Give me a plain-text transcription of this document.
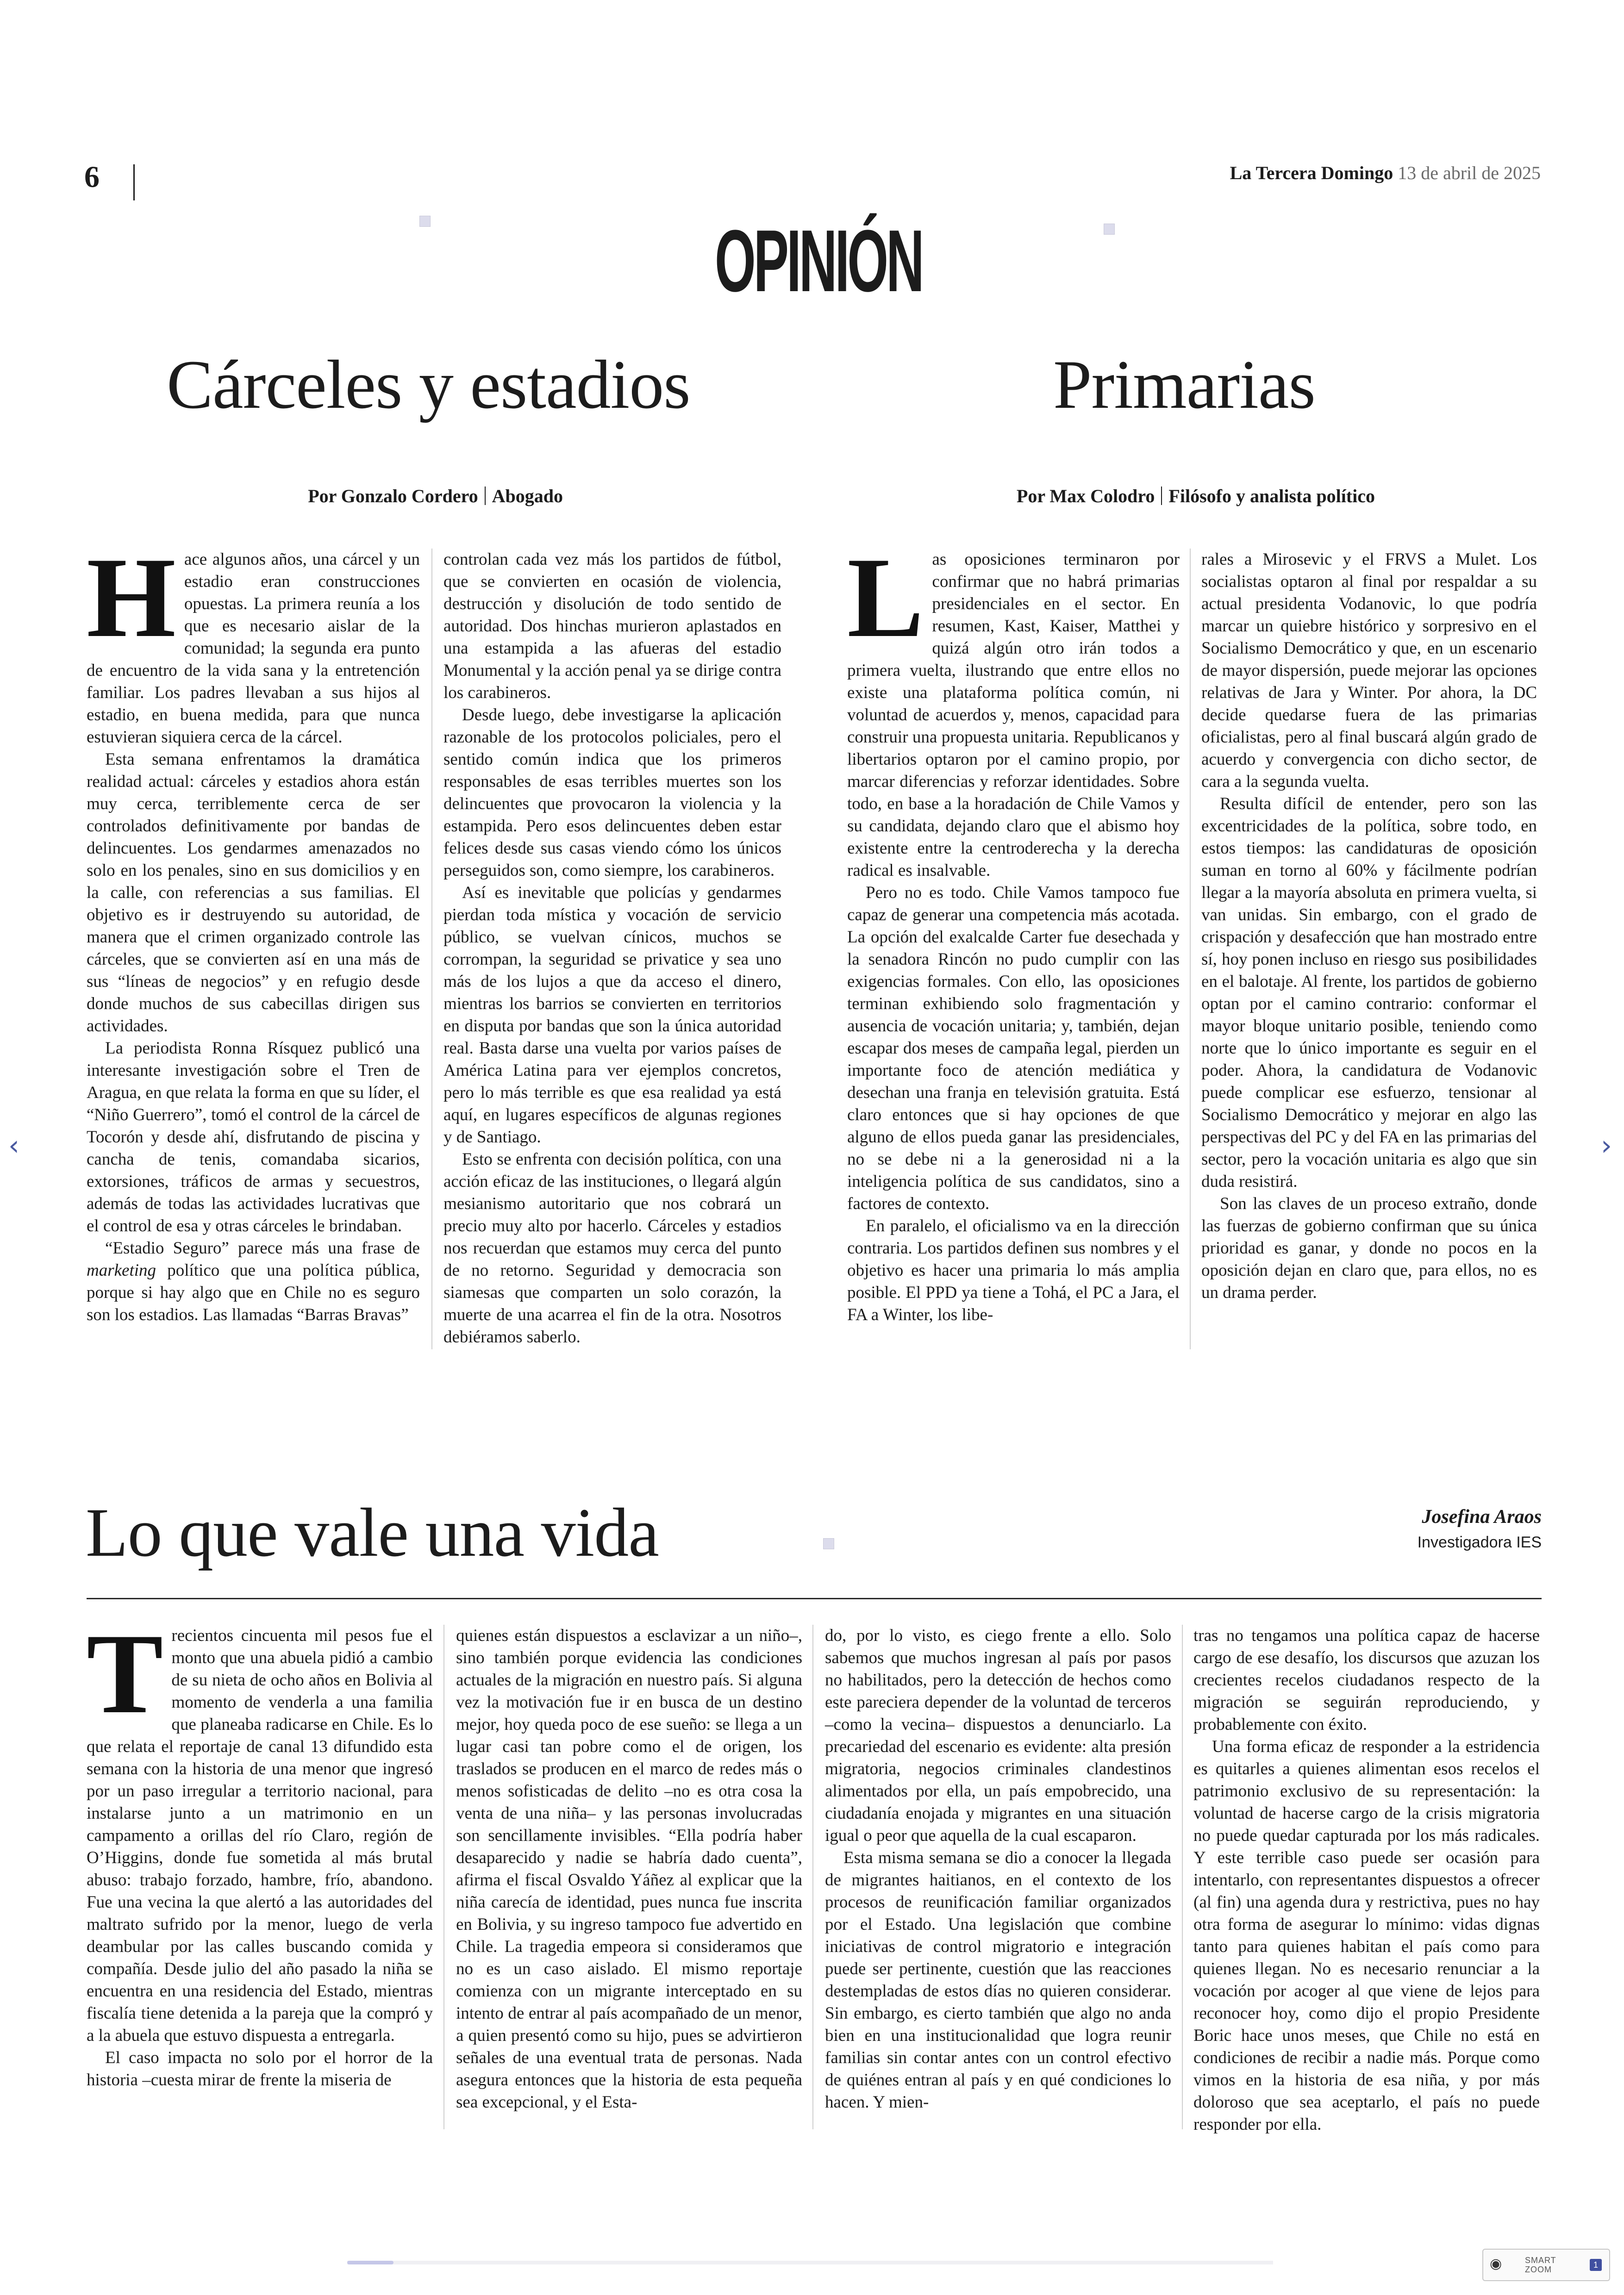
6	La Tercera Domingo 13 de abril de 2025
OPINIÓN
Cárceles y estadios
Por Gonzalo Cordero Abogado
H ace algunos años, una cárcel y un estadio eran construcciones opuestas. La primera reunía a los que es necesario aislar de la comunidad; la segunda era punto de encuentro de la vida sana y la entretención familiar. Los padres llevaban a sus hijos al estadio, en buena medida, para que nunca estuvieran siquiera cerca de la cárcel.

Esta semana enfrentamos la dramática realidad actual: cárceles y estadios ahora están muy cerca, terriblemente cerca de ser controlados definitivamente por bandas de delincuentes. Los gendarmes amenazados no solo en los penales, sino en sus domicilios y en la calle, con referencias a sus familias. El objetivo es ir destruyendo su autoridad, de manera que el crimen organizado controle las cárceles, que se convierten así en una más de sus “líneas de negocios” y en refugio desde donde muchos de sus cabecillas dirigen sus actividades.

La periodista Ronna Rísquez publicó una interesante investigación sobre el Tren de Aragua, en que relata la forma en que su líder, el “Niño Guerrero”, tomó el control de la cárcel de Tocorón y desde ahí, disfrutando de piscina y cancha de tenis, comandaba sicarios, extorsiones, tráficos de armas y secuestros, además de todas las actividades lucrativas que el control de esa y otras cárceles le brindaban.

“Estadio Seguro” parece más una frase de marketing político que una política pública, porque si hay algo que en Chile no es seguro son los estadios. Las llamadas “Barras Bravas”

controlan cada vez más los partidos de fútbol, que se convierten en ocasión de violencia, destrucción y disolución de todo sentido de autoridad. Dos hinchas murieron aplastados en una estampida a las afueras del estadio Monumental y la acción penal ya se dirige contra los carabineros.

Desde luego, debe investigarse la aplicación razonable de los protocolos policiales, pero el sentido común indica que los primeros responsables de esas terribles muertes son los delincuentes que provocaron la violencia y la estampida. Pero esos delincuentes deben estar felices desde sus casas viendo cómo los únicos perseguidos son, como siempre, los carabineros.

Así es inevitable que policías y gendarmes pierdan toda mística y vocación de servicio público, se vuelvan cínicos, muchos se corrompan, la seguridad se privatice y sea uno más de los lujos a que da acceso el dinero, mientras los barrios se convierten en territorios en disputa por bandas que son la única autoridad real. Basta darse una vuelta por varios países de América Latina para ver ejemplos concretos, pero lo más terrible es que esa realidad ya está aquí, en lugares específicos de algunas regiones y de Santiago.

Esto se enfrenta con decisión política, con una acción eficaz de las instituciones, o llegará algún mesianismo autoritario que nos cobrará un precio muy alto por hacerlo. Cárceles y estadios nos recuerdan que estamos muy cerca del punto de no retorno. Seguridad y democracia son siamesas que comparten un solo corazón, la muerte de una acarrea el fin de la otra. Nosotros debiéramos saberlo.

Primarias
Por Max Colodro Filósofo y analista político
L as oposiciones terminaron por confirmar que no habrá primarias presidenciales en el sector. En resumen, Kast, Kaiser, Matthei y quizá algún otro irán todos a primera vuelta, ilustrando que entre ellos no existe una plataforma política común, ni voluntad de acuerdos y, menos, capacidad para construir una propuesta unitaria. Republicanos y libertarios optaron por el camino propio, por marcar diferencias y reforzar identidades. Sobre todo, en base a la horadación de Chile Vamos y su candidata, dejando claro que el abismo hoy existente entre la centroderecha y la derecha radical es insalvable.

Pero no es todo. Chile Vamos tampoco fue capaz de generar una competencia más acotada. La opción del exalcalde Carter fue desechada y la senadora Rincón no pudo cumplir con las exigencias formales. Con ello, las oposiciones terminan exhibiendo solo fragmentación y ausencia de vocación unitaria; y, también, dejan escapar dos meses de campaña legal, pierden un importante foco de atención mediática y desechan una franja en televisión gratuita. Está claro entonces que si hay opciones de que alguno de ellos pueda ganar las presidenciales, no se debe ni a la generosidad ni a la inteligencia política de sus candidatos, sino a factores de contexto.

En paralelo, el oficialismo va en la dirección contraria. Los partidos definen sus nombres y el objetivo es hacer una primaria lo más amplia posible. El PPD ya tiene a Tohá, el PC a Jara, el FA a Winter, los libe-

rales a Mirosevic y el FRVS a Mulet. Los socialistas optaron al final por respaldar a su actual presidenta Vodanovic, lo que podría marcar un quiebre histórico y sorpresivo en el Socialismo Democrático y que, en un escenario de mayor dispersión, puede mejorar las opciones relativas de Jara y Winter. Por ahora, la DC decide quedarse fuera de las primarias oficialistas, pero al final buscará algún grado de acuerdo y convergencia con dicho sector, de cara a la segunda vuelta.

Resulta difícil de entender, pero son las excentricidades de la política, sobre todo, en estos tiempos: las candidaturas de oposición suman en torno al 60% y fácilmente podrían llegar a la mayoría absoluta en primera vuelta, si van unidas. Sin embargo, con el grado de crispación y desafección que han mostrado entre sí, hoy ponen incluso en riesgo sus posibilidades en el balotaje. Al frente, los partidos de gobierno optan por el camino contrario: conformar el mayor bloque unitario posible, teniendo como norte que lo único importante es seguir en el poder. Ahora, la candidatura de Vodanovic puede complicar ese esfuerzo, tensionar al Socialismo Democrático y mejorar en algo las perspectivas del PC y del FA en las primarias del sector, pero la vocación unitaria es algo que sin duda resistirá.

Son las claves de un proceso extraño, donde las fuerzas de gobierno confirman que su única prioridad es ganar, y donde no pocos en la oposición dejan en claro que, para ellos, no es un drama perder.

Lo que vale una vida	Josefina Araos
Investigadora IES
T recientos cincuenta mil pesos fue el monto que una abuela pidió a cambio de su nieta de ocho años en Bolivia al momento de venderla a una familia que planeaba radicarse en Chile. Es lo que relata el reportaje de canal 13 difundido esta semana con la historia de una menor que ingresó por un paso irregular a territorio nacional, para instalarse junto a un matrimonio en un campamento a orillas del río Claro, región de O’Higgins, donde fue sometida al más brutal abuso: trabajo forzado, hambre, frío, abandono. Fue una vecina la que alertó a las autoridades del maltrato sufrido por la menor, luego de verla deambular por las calles buscando comida y compañía. Desde julio del año pasado la niña se encuentra en una residencia del Estado, mientras fiscalía tiene detenida a la pareja que la compró y a la abuela que estuvo dispuesta a entregarla.

El caso impacta no solo por el horror de la historia –cuesta mirar de frente la miseria de

quienes están dispuestos a esclavizar a un niño–, sino también porque evidencia las condiciones actuales de la migración en nuestro país. Si alguna vez la motivación fue ir en busca de un destino mejor, hoy queda poco de ese sueño: se llega a un lugar casi tan pobre como el de origen, los traslados se producen en el marco de redes más o menos sofisticadas de delito –no es otra cosa la venta de una niña– y las personas involucradas son sencillamente invisibles. “Ella podría haber desaparecido y nadie se habría dado cuenta”, afirma el fiscal Osvaldo Yáñez al explicar que la niña carecía de identidad, pues nunca fue inscrita en Bolivia, y su ingreso tampoco fue advertido en Chile. La tragedia empeora si consideramos que no es un caso aislado. El mismo reportaje comienza con un migrante interceptado en su intento de entrar al país acompañado de un menor, a quien presentó como su hijo, pues se advirtieron señales de una eventual trata de personas. Nada asegura entonces que la historia de esta pequeña sea excepcional, y el Esta-

do, por lo visto, es ciego frente a ello. Solo sabemos que muchos ingresan al país por pasos no habilitados, pero la detección de hechos como este pareciera depender de la voluntad de terceros –como la vecina– dispuestos a denunciarlo. La precariedad del escenario es evidente: alta presión migratoria, negocios criminales clandestinos alimentados por ella, un país empobrecido, una ciudadanía enojada y migrantes en una situación igual o peor que aquella de la cual escaparon.

Esta misma semana se dio a conocer la llegada de migrantes haitianos, en el contexto de los procesos de reunificación familiar organizados por el Estado. Una legislación que combine iniciativas de control migratorio e integración puede ser pertinente, cuestión que las reacciones destempladas de estos días no quieren considerar. Sin embargo, es cierto también que algo no anda bien en una institucionalidad que logra reunir familias sin contar antes con un control efectivo de quiénes entran al país y en qué condiciones lo hacen. Y mien-

tras no tengamos una política capaz de hacerse cargo de ese desafío, los discursos que azuzan los crecientes recelos ciudadanos respecto de la migración se seguirán reproduciendo, y probablemente con éxito.

Una forma eficaz de responder a la estridencia es quitarles a quienes alimentan esos recelos el patrimonio exclusivo de su representación: la voluntad de hacerse cargo de la crisis migratoria no puede quedar capturada por los más radicales. Y este terrible caso puede ser ocasión para intentarlo, con representantes dispuestos a ofrecer (al fin) una agenda dura y restrictiva, pues no hay otra forma de asegurar lo mínimo: vidas dignas tanto para quienes habitan el país como para quienes llegan. No es necesario renunciar a la vocación por acoger al que viene de lejos para reconocer hoy, como dijo el propio Presidente Boric hace unos meses, que Chile no está en condiciones de recibir a nadie más. Porque como vimos en la historia de esa niña, y por más doloroso que sea aceptarlo, el país no puede responder por ella.

‹	›
◉	SMART
ZOOM	1
